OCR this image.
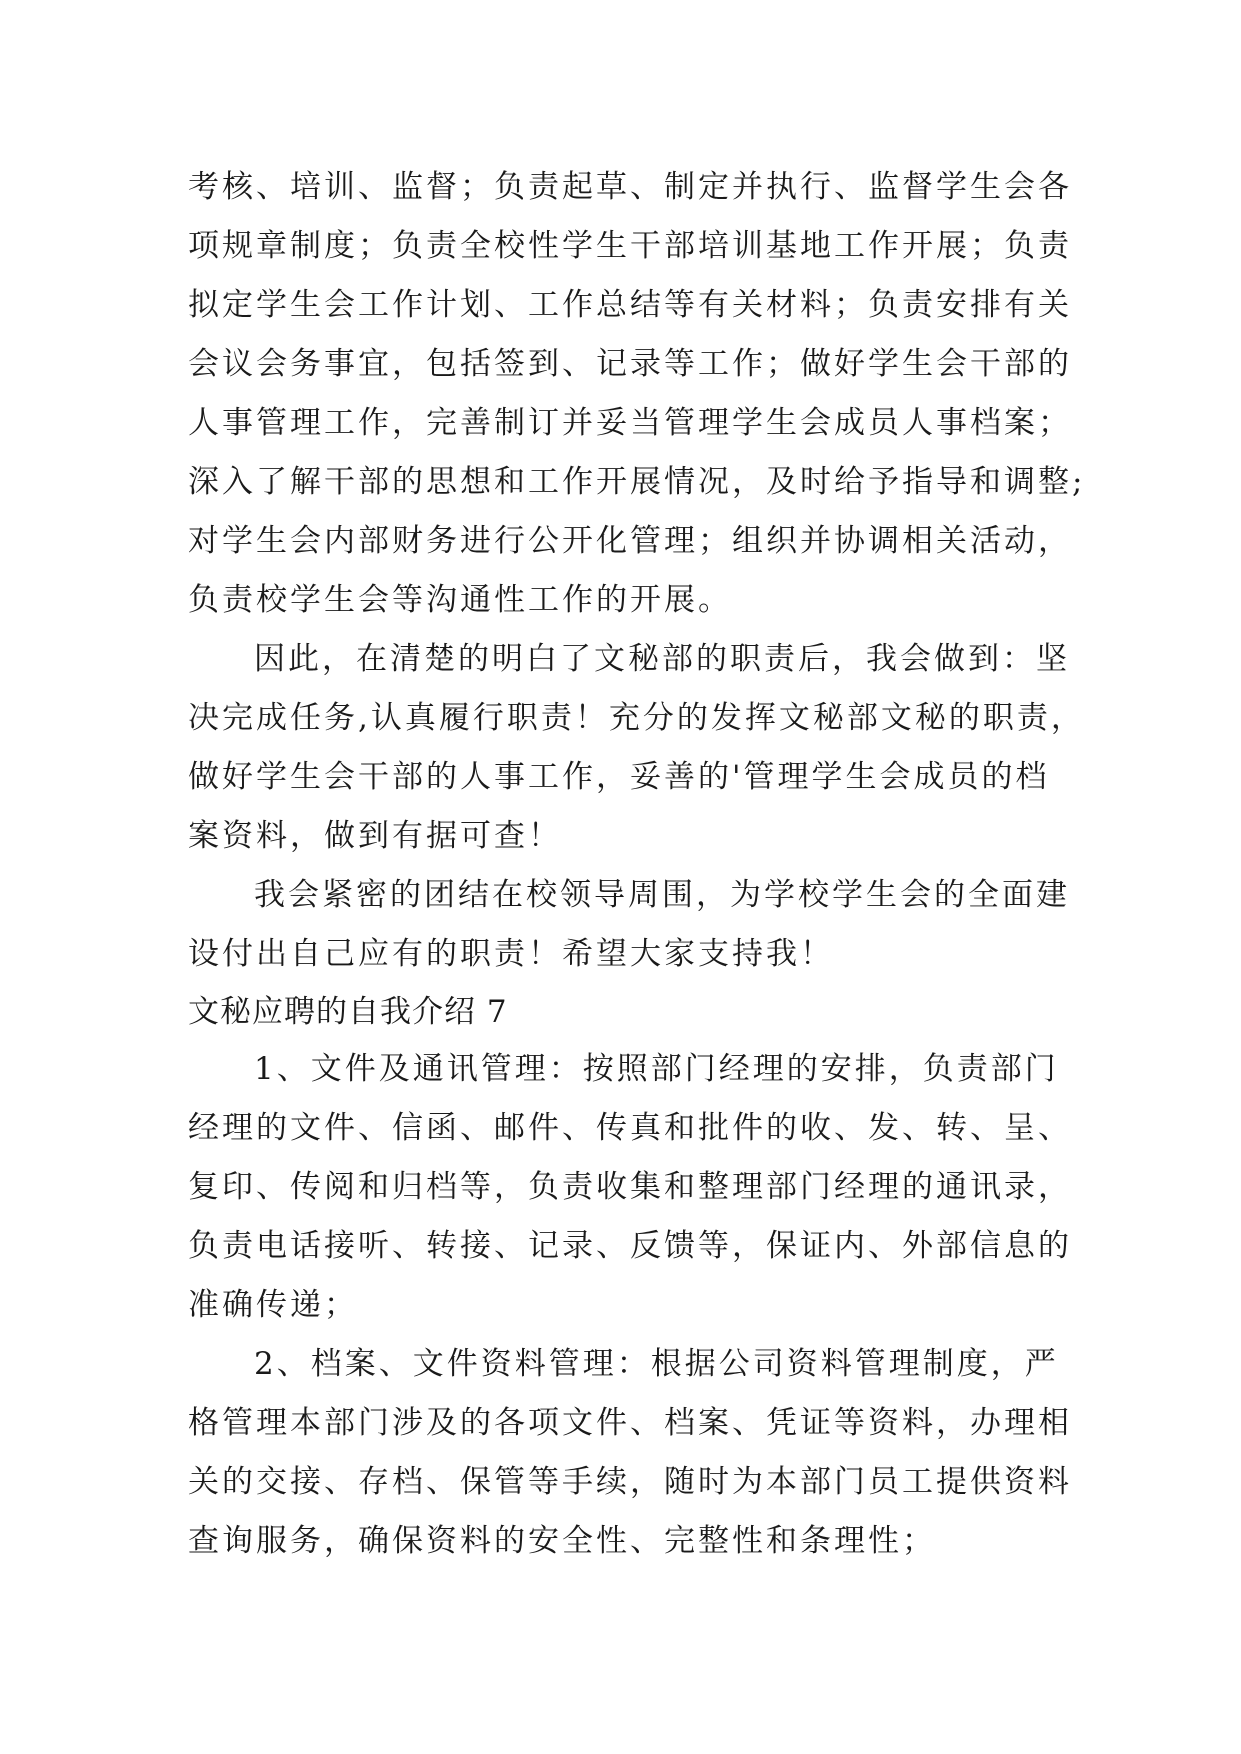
考核、培训、监督；负责起草、制定并执行、监督学生会各
项规章制度；负责全校性学生干部培训基地工作开展；负责
拟定学生会工作计划、工作总结等有关材料；负责安排有关
会议会务事宜，包括签到、记录等工作；做好学生会干部的
人事管理工作，完善制订并妥当管理学生会成员人事档案；
深入了解干部的思想和工作开展情况，及时给予指导和调整;
对学生会内部财务进行公开化管理；组织并协调相关活动，
负责校学生会等沟通性工作的开展。
因此，在清楚的明白了文秘部的职责后，我会做到：坚
决完成任务,认真履行职责！充分的发挥文秘部文秘的职责，
做好学生会干部的人事工作，妥善的'管理学生会成员的档
案资料，做到有据可查！
我会紧密的团结在校领导周围，为学校学生会的全面建
设付出自己应有的职责！希望大家支持我！
文秘应聘的自我介绍 7
1、文件及通讯管理：按照部门经理的安排，负责部门
经理的文件、信函、邮件、传真和批件的收、发、转、呈、
复印、传阅和归档等，负责收集和整理部门经理的通讯录，
负责电话接听、转接、记录、反馈等，保证内、外部信息的
准确传递；
2、档案、文件资料管理：根据公司资料管理制度，严
格管理本部门涉及的各项文件、档案、凭证等资料，办理相
关的交接、存档、保管等手续，随时为本部门员工提供资料
查询服务，确保资料的安全性、完整性和条理性；
